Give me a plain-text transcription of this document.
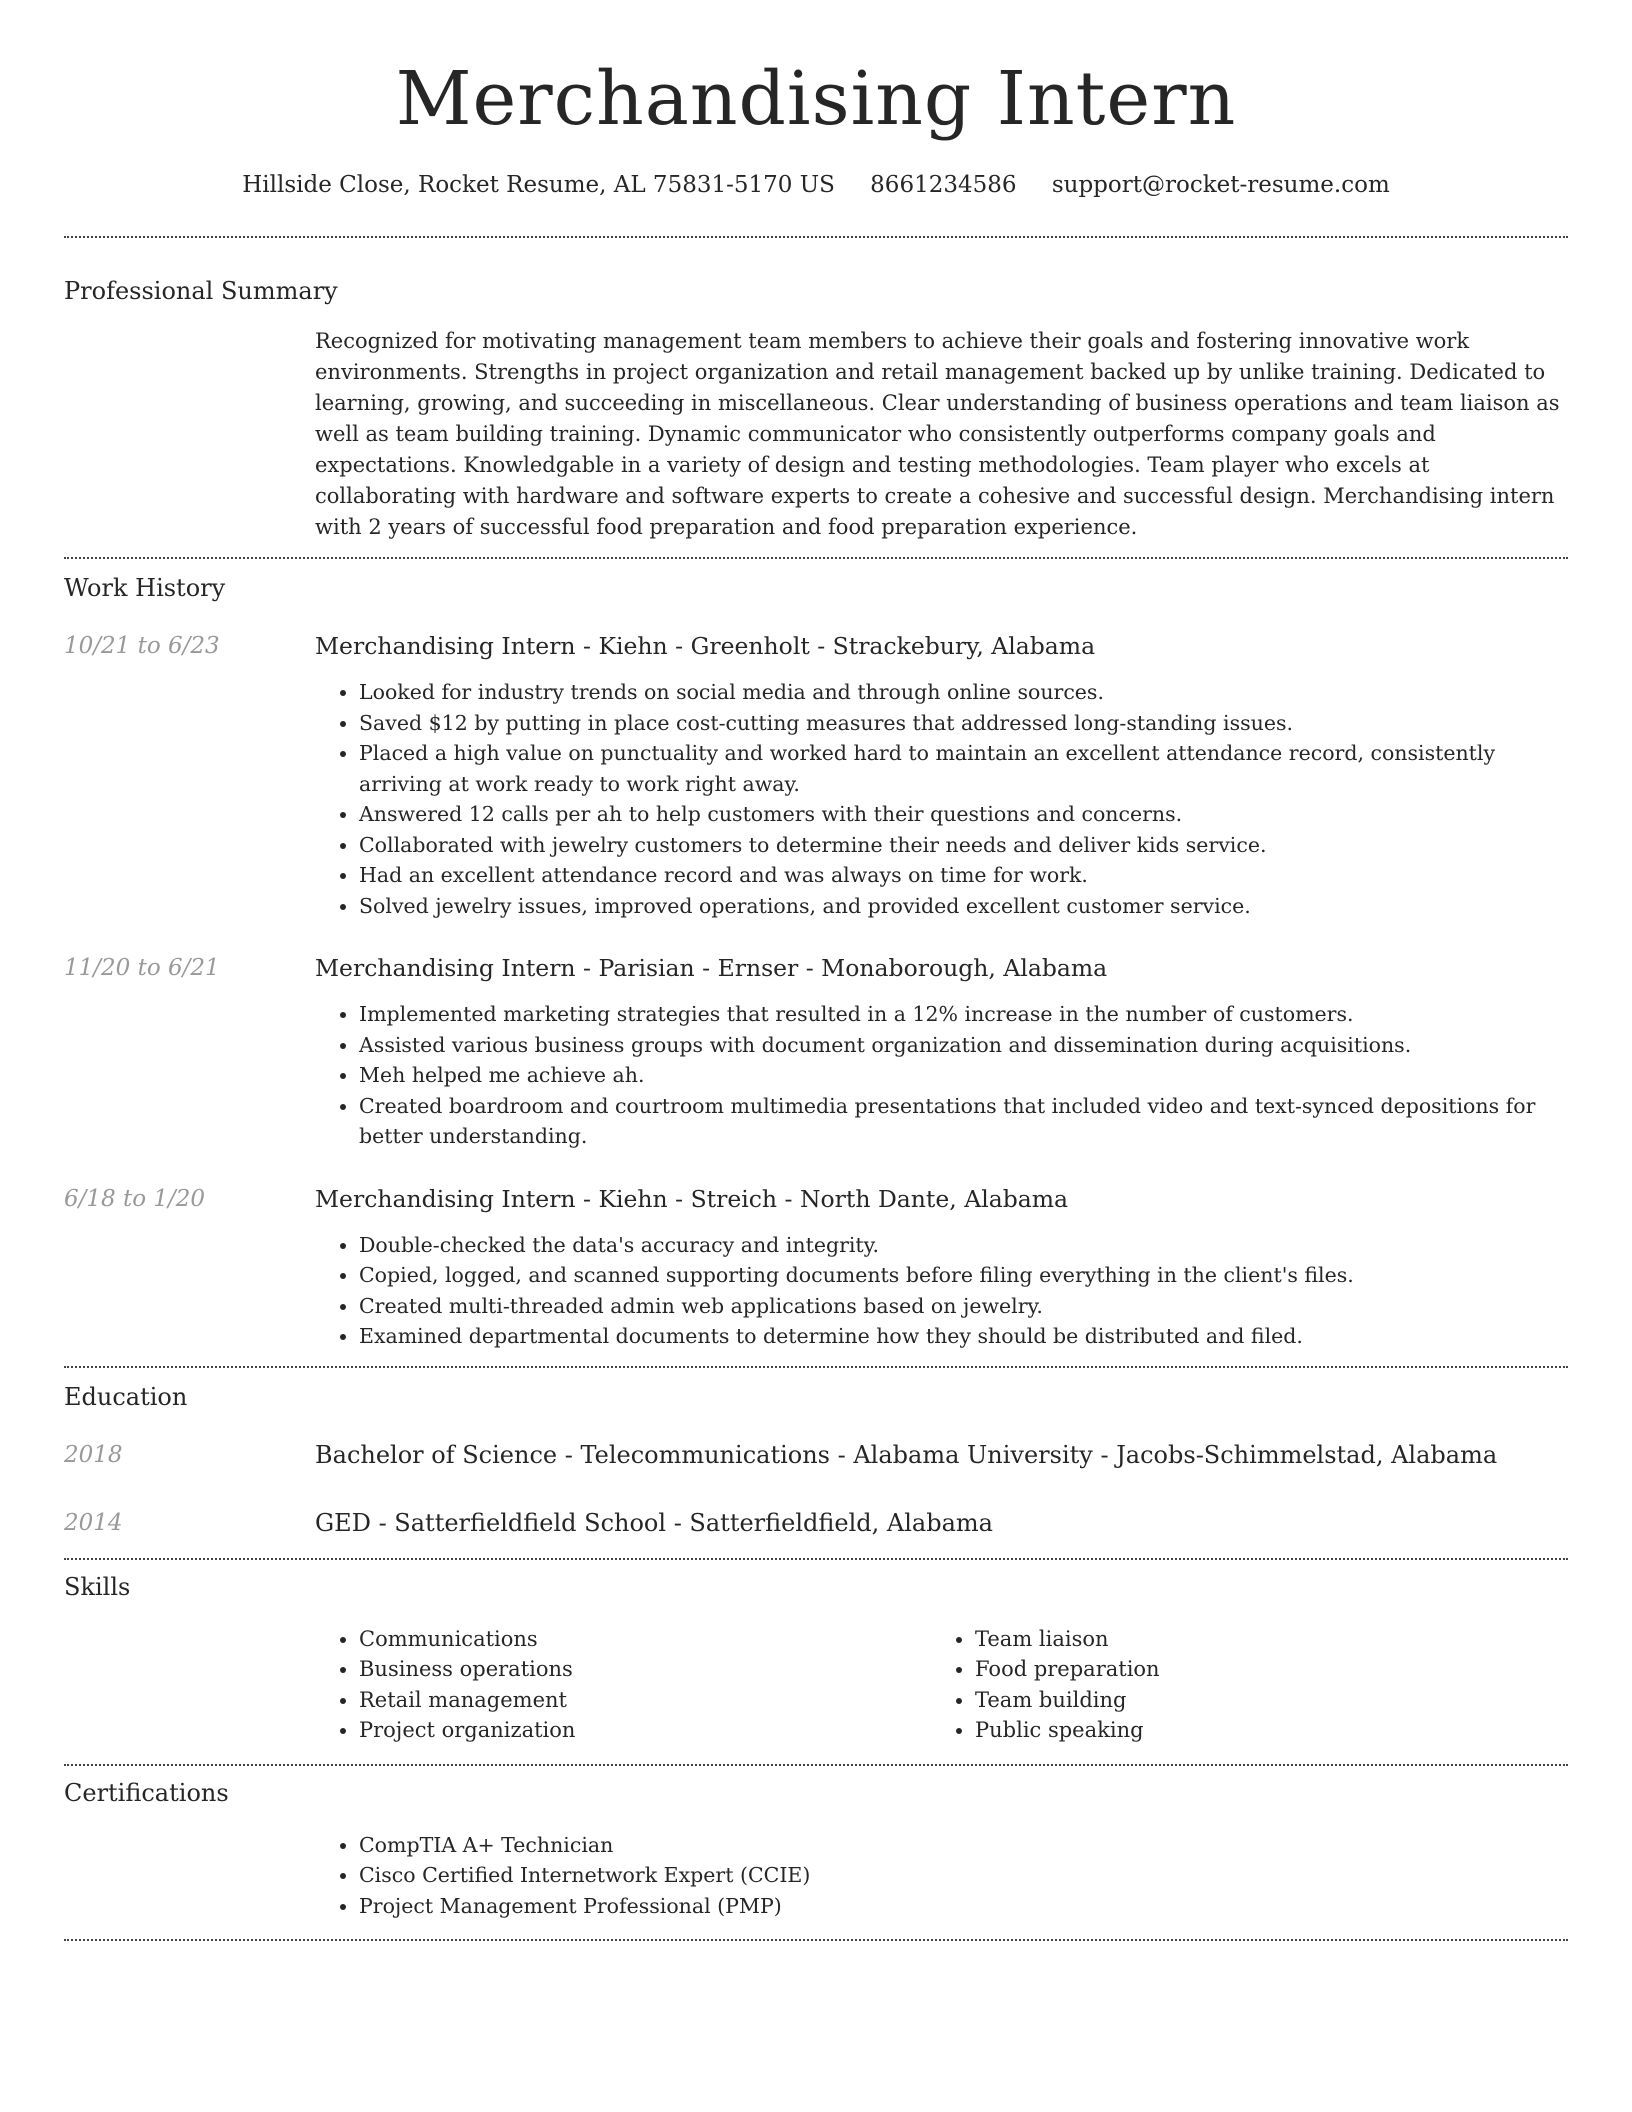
Merchandising Intern
Hillside Close, Rocket Resume, AL 75831-5170 US 8661234586 support@rocket-resume.com
Professional Summary

Recognized for motivating management team members to achieve their goals and fostering innovative work environments. Strengths in project organization and retail management backed up by unlike training. Dedicated to learning, growing, and succeeding in miscellaneous. Clear understanding of business operations and team liaison as well as team building training. Dynamic communicator who consistently outperforms company goals and expectations. Knowledgable in a variety of design and testing methodologies. Team player who excels at collaborating with hardware and software experts to create a cohesive and successful design. Merchandising intern with 2 years of successful food preparation and food preparation experience.

Work History
10/21 to 6/23	Merchandising Intern - Kiehn - Greenholt - Strackebury, Alabama

• Looked for industry trends on social media and through online sources.
• Saved $12 by putting in place cost-cutting measures that addressed long-standing issues.
• Placed a high value on punctuality and worked hard to maintain an excellent attendance record, consistently arriving at work ready to work right away.
• Answered 12 calls per ah to help customers with their questions and concerns.
• Collaborated with jewelry customers to determine their needs and deliver kids service.
• Had an excellent attendance record and was always on time for work.
• Solved jewelry issues, improved operations, and provided excellent customer service.
11/20 to 6/21	Merchandising Intern - Parisian - Ernser - Monaborough, Alabama

• Implemented marketing strategies that resulted in a 12% increase in the number of customers.
• Assisted various business groups with document organization and dissemination during acquisitions.
• Meh helped me achieve ah.
• Created boardroom and courtroom multimedia presentations that included video and text-synced depositions for better understanding.
6/18 to 1/20	Merchandising Intern - Kiehn - Streich - North Dante, Alabama

• Double-checked the data's accuracy and integrity.
• Copied, logged, and scanned supporting documents before filing everything in the client's files.
• Created multi-threaded admin web applications based on jewelry.
• Examined departmental documents to determine how they should be distributed and filed.
Education
2018	Bachelor of Science - Telecommunications - Alabama University - Jacobs-Schimmelstad, Alabama

2014	GED - Satterfieldfield School - Satterfieldfield, Alabama

Skills
• Communications
• Business operations
• Retail management
• Project organization
• Team liaison
• Food preparation
• Team building
• Public speaking
Certifications
• CompTIA A+ Technician
• Cisco Certified Internetwork Expert (CCIE)
• Project Management Professional (PMP)
